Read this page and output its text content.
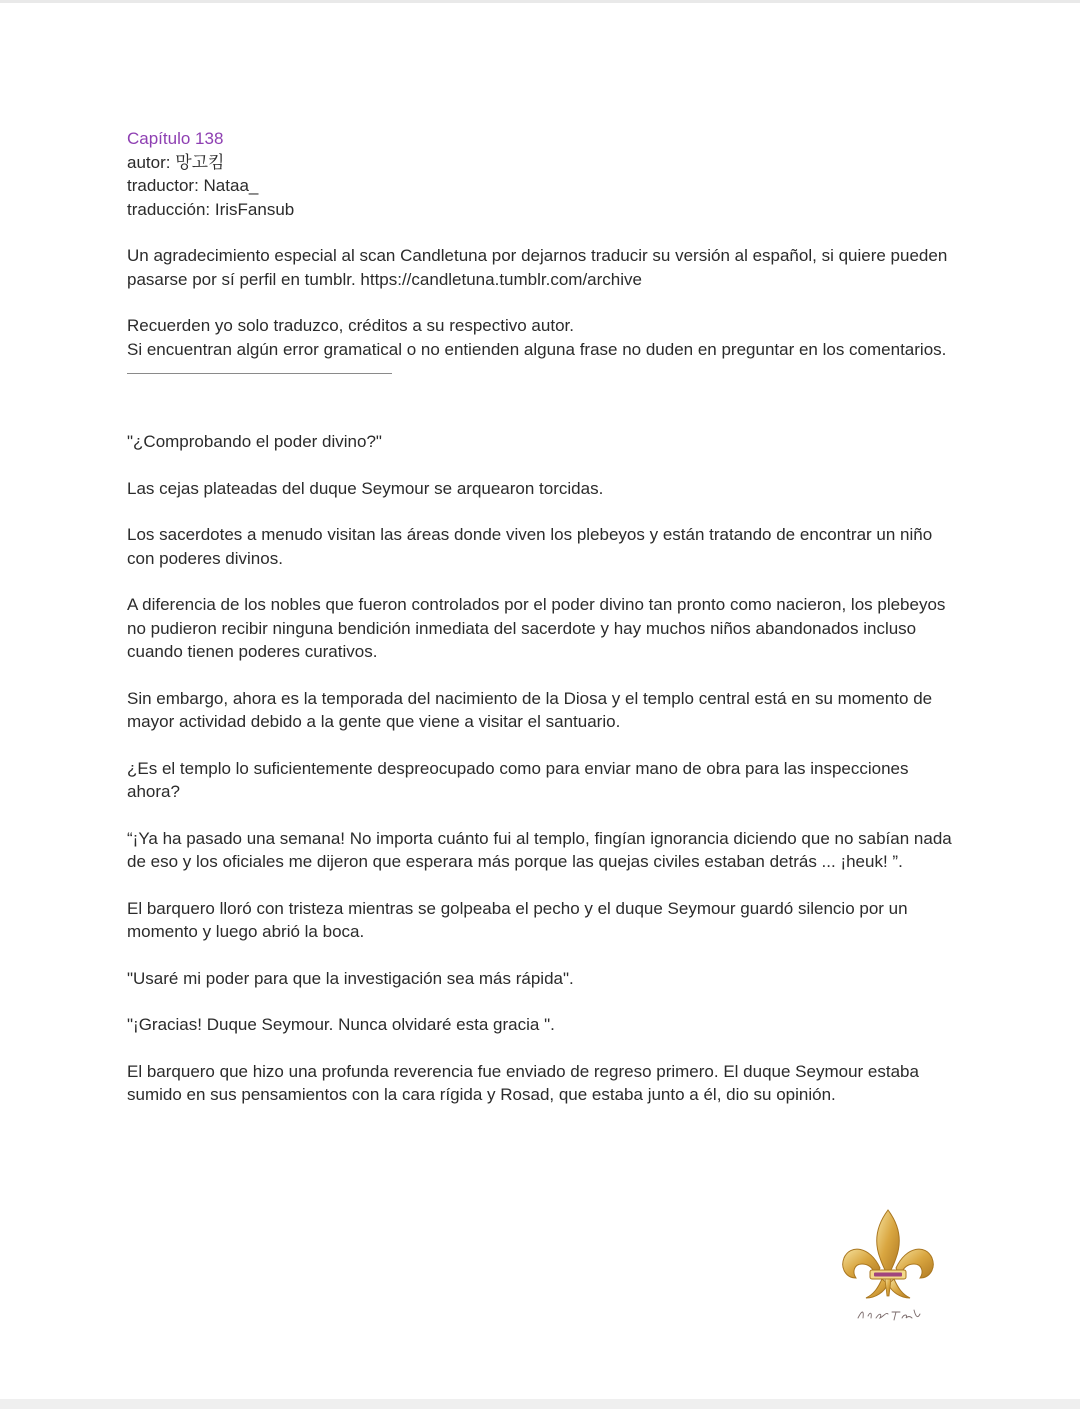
Capítulo 138
autor: 망고킴
traductor: Nataa_
traducción: IrisFansub

Un agradecimiento especial al scan Candletuna por dejarnos traducir su versión al español, si quiere pueden pasarse por sí perfil en tumblr. https://candletuna.tumblr.com/archive

Recuerden yo solo traduzco, créditos a su respectivo autor.
Si encuentran algún error gramatical o no entienden alguna frase no duden en preguntar en los comentarios.

"¿Comprobando el poder divino?"

Las cejas plateadas del duque Seymour se arquearon torcidas.

Los sacerdotes a menudo visitan las áreas donde viven los plebeyos y están tratando de encontrar un niño con poderes divinos.

A diferencia de los nobles que fueron controlados por el poder divino tan pronto como nacieron, los plebeyos no pudieron recibir ninguna bendición inmediata del sacerdote y hay muchos niños abandonados incluso cuando tienen poderes curativos.

Sin embargo, ahora es la temporada del nacimiento de la Diosa y el templo central está en su momento de mayor actividad debido a la gente que viene a visitar el santuario.

¿Es el templo lo suficientemente despreocupado como para enviar mano de obra para las inspecciones ahora?

“¡Ya ha pasado una semana! No importa cuánto fui al templo, fingían ignorancia diciendo que no sabían nada de eso y los oficiales me dijeron que esperara más porque las quejas civiles estaban detrás ... ¡heuk! ”.

El barquero lloró con tristeza mientras se golpeaba el pecho y el duque Seymour guardó silencio por un momento y luego abrió la boca.

"Usaré mi poder para que la investigación sea más rápida".

"¡Gracias! Duque Seymour. Nunca olvidaré esta gracia ".

El barquero que hizo una profunda reverencia fue enviado de regreso primero. El duque Seymour estaba sumido en sus pensamientos con la cara rígida y Rosad, que estaba junto a él, dio su opinión.
